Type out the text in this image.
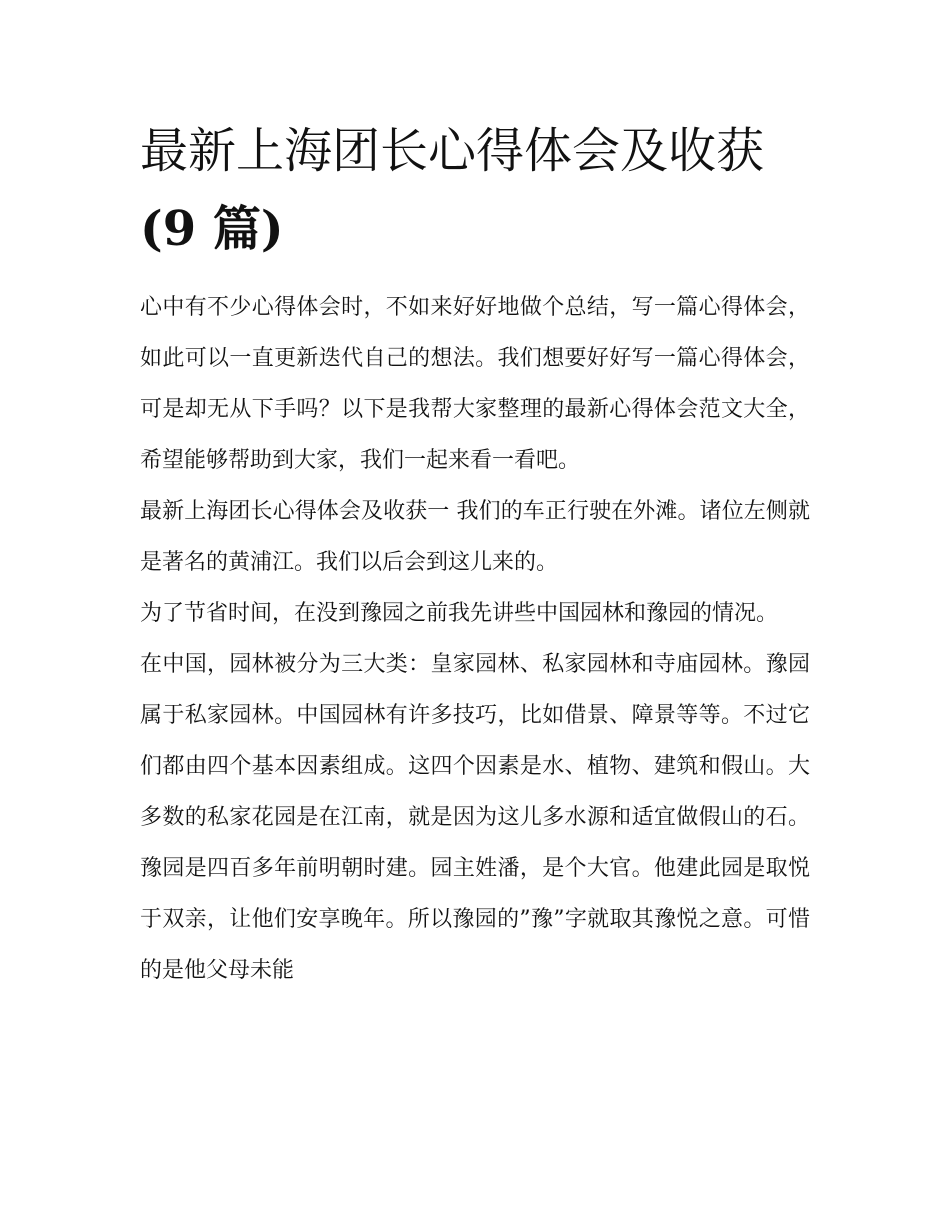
最新上海团长心得体会及收获
(9 篇)

心中有不少心得体会时，不如来好好地做个总结，写一篇心得体会，如此可以一直更新迭代自己的想法。我们想要好好写一篇心得体会，可是却无从下手吗？以下是我帮大家整理的最新心得体会范文大全，希望能够帮助到大家，我们一起来看一看吧。

最新上海团长心得体会及收获一 我们的车正行驶在外滩。诸位左侧就是著名的黄浦江。我们以后会到这儿来的。

为了节省时间，在没到豫园之前我先讲些中国园林和豫园的情况。

在中国，园林被分为三大类：皇家园林、私家园林和寺庙园林。豫园属于私家园林。中国园林有许多技巧，比如借景、障景等等。不过它们都由四个基本因素组成。这四个因素是水、植物、建筑和假山。大多数的私家花园是在江南，就是因为这儿多水源和适宜做假山的石。豫园是四百多年前明朝时建。园主姓潘，是个大官。他建此园是取悦于双亲，让他们安享晚年。所以豫园的”豫”字就取其豫悦之意。可惜的是他父母未能
